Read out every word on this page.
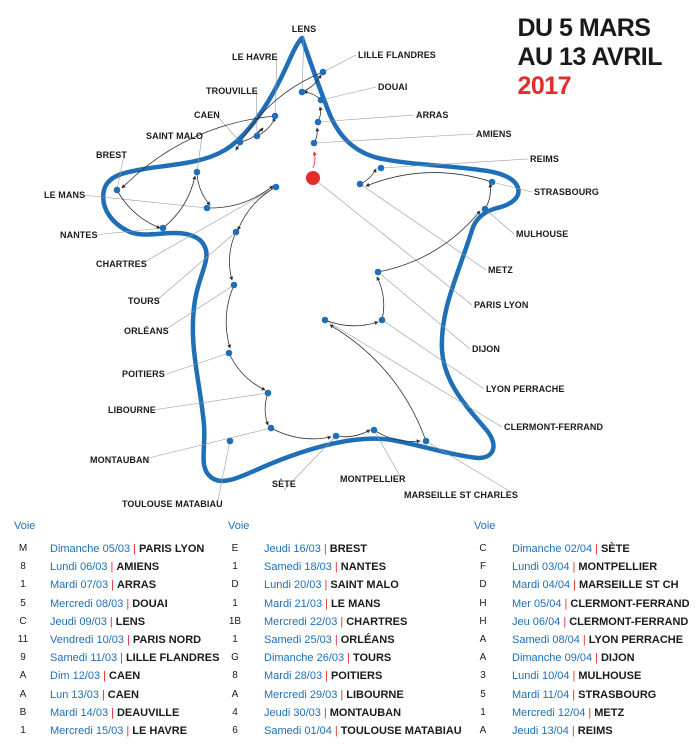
LENS
LILLE FLANDRES
LE HAVRE
DOUAI
TROUVILLE
ARRAS
CAEN
AMIENS
SAINT MALO
BREST	REIMS
LE MANS	STRASBOURG
NANTES	MULHOUSE
CHARTRES
METZ
TOURS	PARIS LYON
ORLÉANS
DIJON
POITIERS
LYON PERRACHE
LIBOURNE
CLERMONT-FERRAND
MONTAUBAN
SÈTE	MONTPELLIER
MARSEILLE ST CHARLES
TOULOUSE MATABIAU
DU 5 MARS
AU 13 AVRIL
2017
M	Dimanche 05/03 | PARIS LYON
8	Lundi 06/03 | AMIENS
1	Mardi 07/03 | ARRAS
5	Mercredi 08/03 | DOUAI
C	Jeudi 09/03 | LENS
11	Vendredi 10/03 | PARIS NORD
9	Samedi 11/03 | LILLE FLANDRES
A	Dim 12/03 | CAEN
A	Lun 13/03 | CAEN
B	Mardi 14/03 | DEAUVILLE
1	Mercredi 15/03 | LE HAVRE
E	Jeudi 16/03 | BREST
1	Samedi 18/03 | NANTES
D	Lundi 20/03 | SAINT MALO
1	Mardi 21/03 | LE MANS
1B	Mercredi 22/03 | CHARTRES
1	Samedi 25/03 | ORLÉANS
G	Dimanche 26/03 | TOURS
8	Mardi 28/03 | POITIERS
A	Mercredi 29/03 | LIBOURNE
4	Jeudi 30/03 | MONTAUBAN
6	Samedi 01/04 | TOULOUSE MATABIAU
C	Dimanche 02/04 | SÈTE
F	Lundi 03/04 | MONTPELLIER
D	Mardi 04/04 | MARSEILLE ST CH
H	Mer 05/04 | CLERMONT-FERRAND
H	Jeu 06/04 | CLERMONT-FERRAND
A	Samedi 08/04 | LYON PERRACHE
A	Dimanche 09/04 | DIJON
3	Lundi 10/04 | MULHOUSE
5	Mardi 11/04 | STRASBOURG
1	Mercredi 12/04 | METZ
A	Jeudi 13/04 | REIMS
Voie	Voie	Voie
